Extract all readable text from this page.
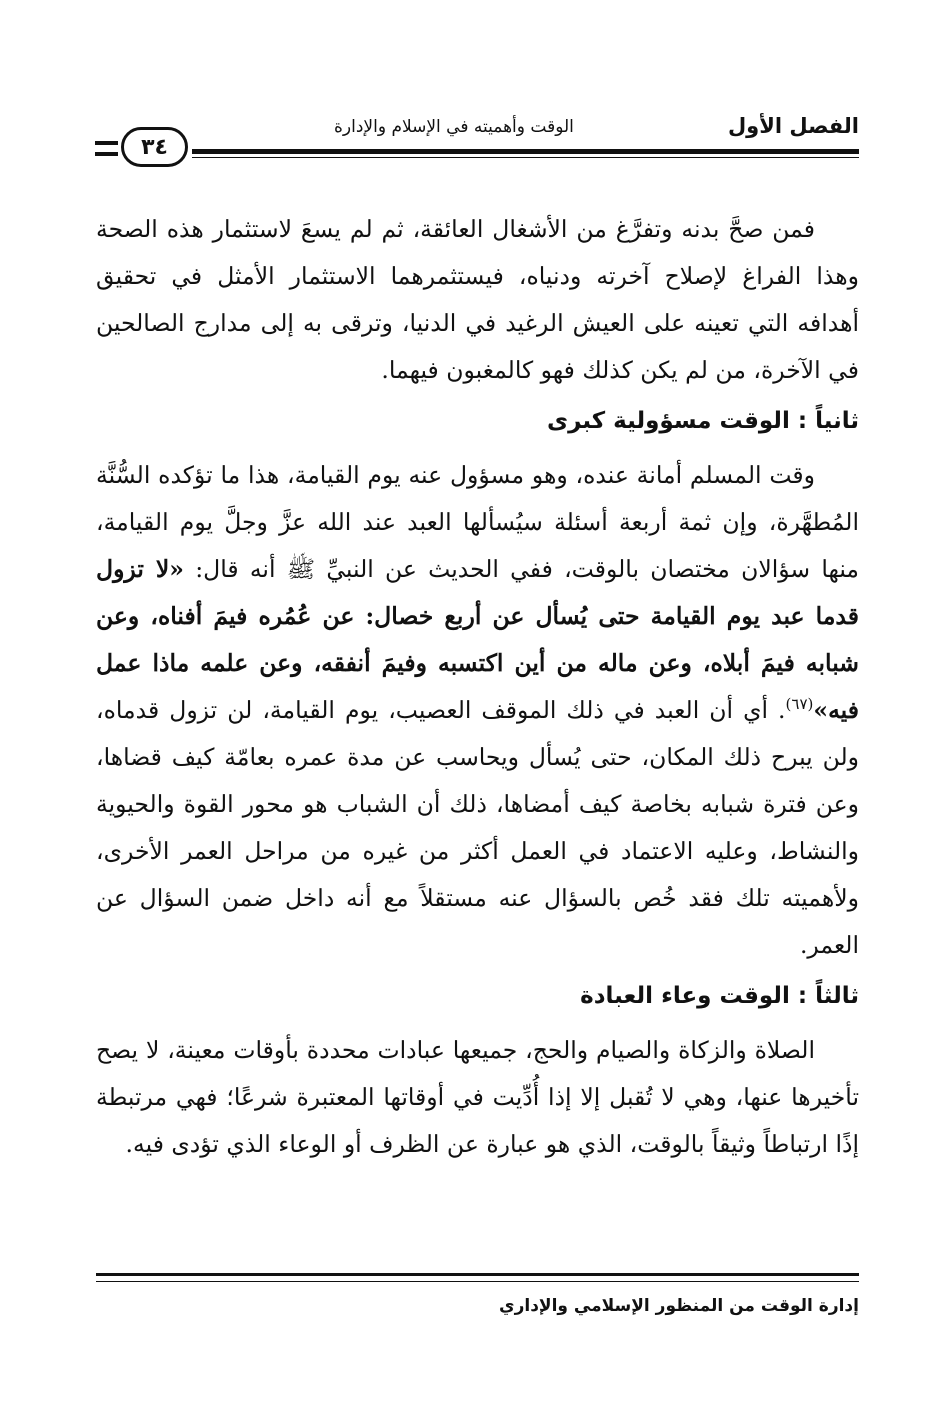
الفصل الأول
الوقت وأهميته في الإسلام والإدارة
٣٤

فمن صحَّ بدنه وتفرَّغ من الأشغال العائقة، ثم لم يسعَ لاستثمار هذه الصحة وهذا الفراغ لإصلاح آخرته ودنياه، فيستثمرهما الاستثمار الأمثل في تحقيق أهدافه التي تعينه على العيش الرغيد في الدنيا، وترقى به إلى مدارج الصالحين في الآخرة، من لم يكن كذلك فهو كالمغبون فيهما.

ثانياً : الوقت مسؤولية كبرى

وقت المسلم أمانة عنده، وهو مسؤول عنه يوم القيامة، هذا ما تؤكده السُّنَّة المُطهَّرة، وإن ثمة أربعة أسئلة سيُسألها العبد عند الله عزَّ وجلَّ يوم القيامة، منها سؤالان مختصان بالوقت، ففي الحديث عن النبيِّ ﷺ أنه قال: «لا تزول قدما عبد يوم القيامة حتى يُسأل عن أربع خصال: عن عُمُره فيمَ أفناه، وعن شبابه فيمَ أبلاه، وعن ماله من أين اكتسبه وفيمَ أنفقه، وعن علمه ماذا عمل فيه»$^{(٦٧)}$. أي أن العبد في ذلك الموقف العصيب، يوم القيامة، لن تزول قدماه، ولن يبرح ذلك المكان، حتى يُسأل ويحاسب عن مدة عمره بعامّة كيف قضاها، وعن فترة شبابه بخاصة كيف أمضاها، ذلك أن الشباب هو محور القوة والحيوية والنشاط، وعليه الاعتماد في العمل أكثر من غيره من مراحل العمر الأخرى، ولأهميته تلك فقد خُص بالسؤال عنه مستقلاً مع أنه داخل ضمن السؤال عن العمر.

ثالثاً : الوقت وعاء العبادة

الصلاة والزكاة والصيام والحج، جميعها عبادات محددة بأوقات معينة، لا يصح تأخيرها عنها، وهي لا تُقبل إلا إذا أُدِّيت في أوقاتها المعتبرة شرعًا؛ فهي مرتبطة إذًا ارتباطاً وثيقاً بالوقت، الذي هو عبارة عن الظرف أو الوعاء الذي تؤدى فيه.

إدارة الوقت من المنظور الإسلامي والإداري
